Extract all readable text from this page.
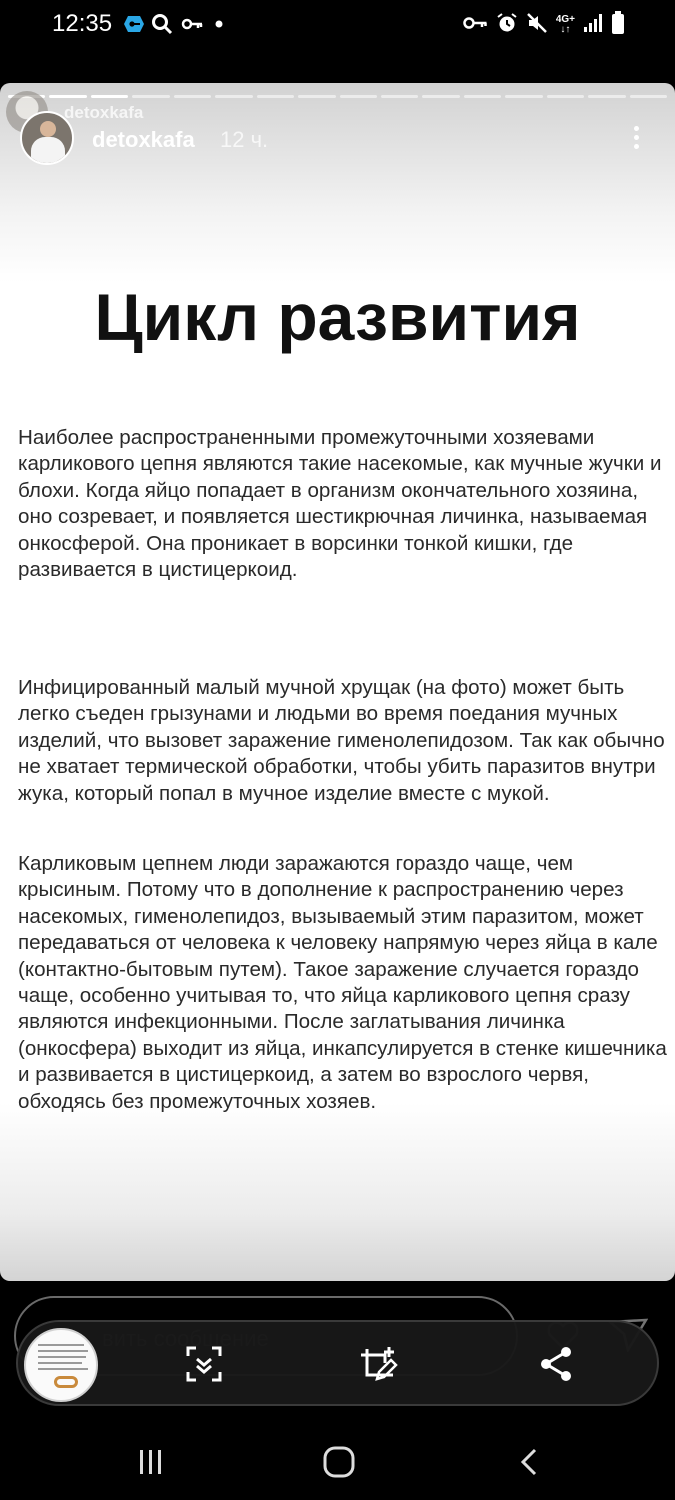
12:35	4G+
↓↑
detoxkafa
detoxkafa 12 ч.
Цикл развития
Наиболее распространенными промежуточными хозяевами карликового цепня являются такие насекомые, как мучные жучки и блохи. Когда яйцо попадает в организм окончательного хозяина, оно созревает, и появляется шестикрючная личинка, называемая онкосферой. Она проникает в ворсинки тонкой кишки, где развивается в цистицеркоид.
Инфицированный малый мучной хрущак (на фото) может быть легко съеден грызунами и людьми во время поедания мучных изделий, что вызовет заражение гименолепидозом. Так как обычно не хватает термической обработки, чтобы убить паразитов внутри жука, который попал в мучное изделие вместе с мукой.
Карликовым цепнем люди заражаются гораздо чаще, чем крысиным. Потому что в дополнение к распространению через насекомых, гименолепидоз, вызываемый этим паразитом, может передаваться от человека к человеку напрямую через яйца в кале (контактно-бытовым путем). Такое заражение случается гораздо чаще, особенно учитывая то, что яйца карликового цепня сразу являются инфекционными. После заглатывания личинка (онкосфера) выходит из яйца, инкапсулируется в стенке кишечника и развивается в цистицеркоид, а затем во взрослого червя, обходясь без промежуточных хозяев.
